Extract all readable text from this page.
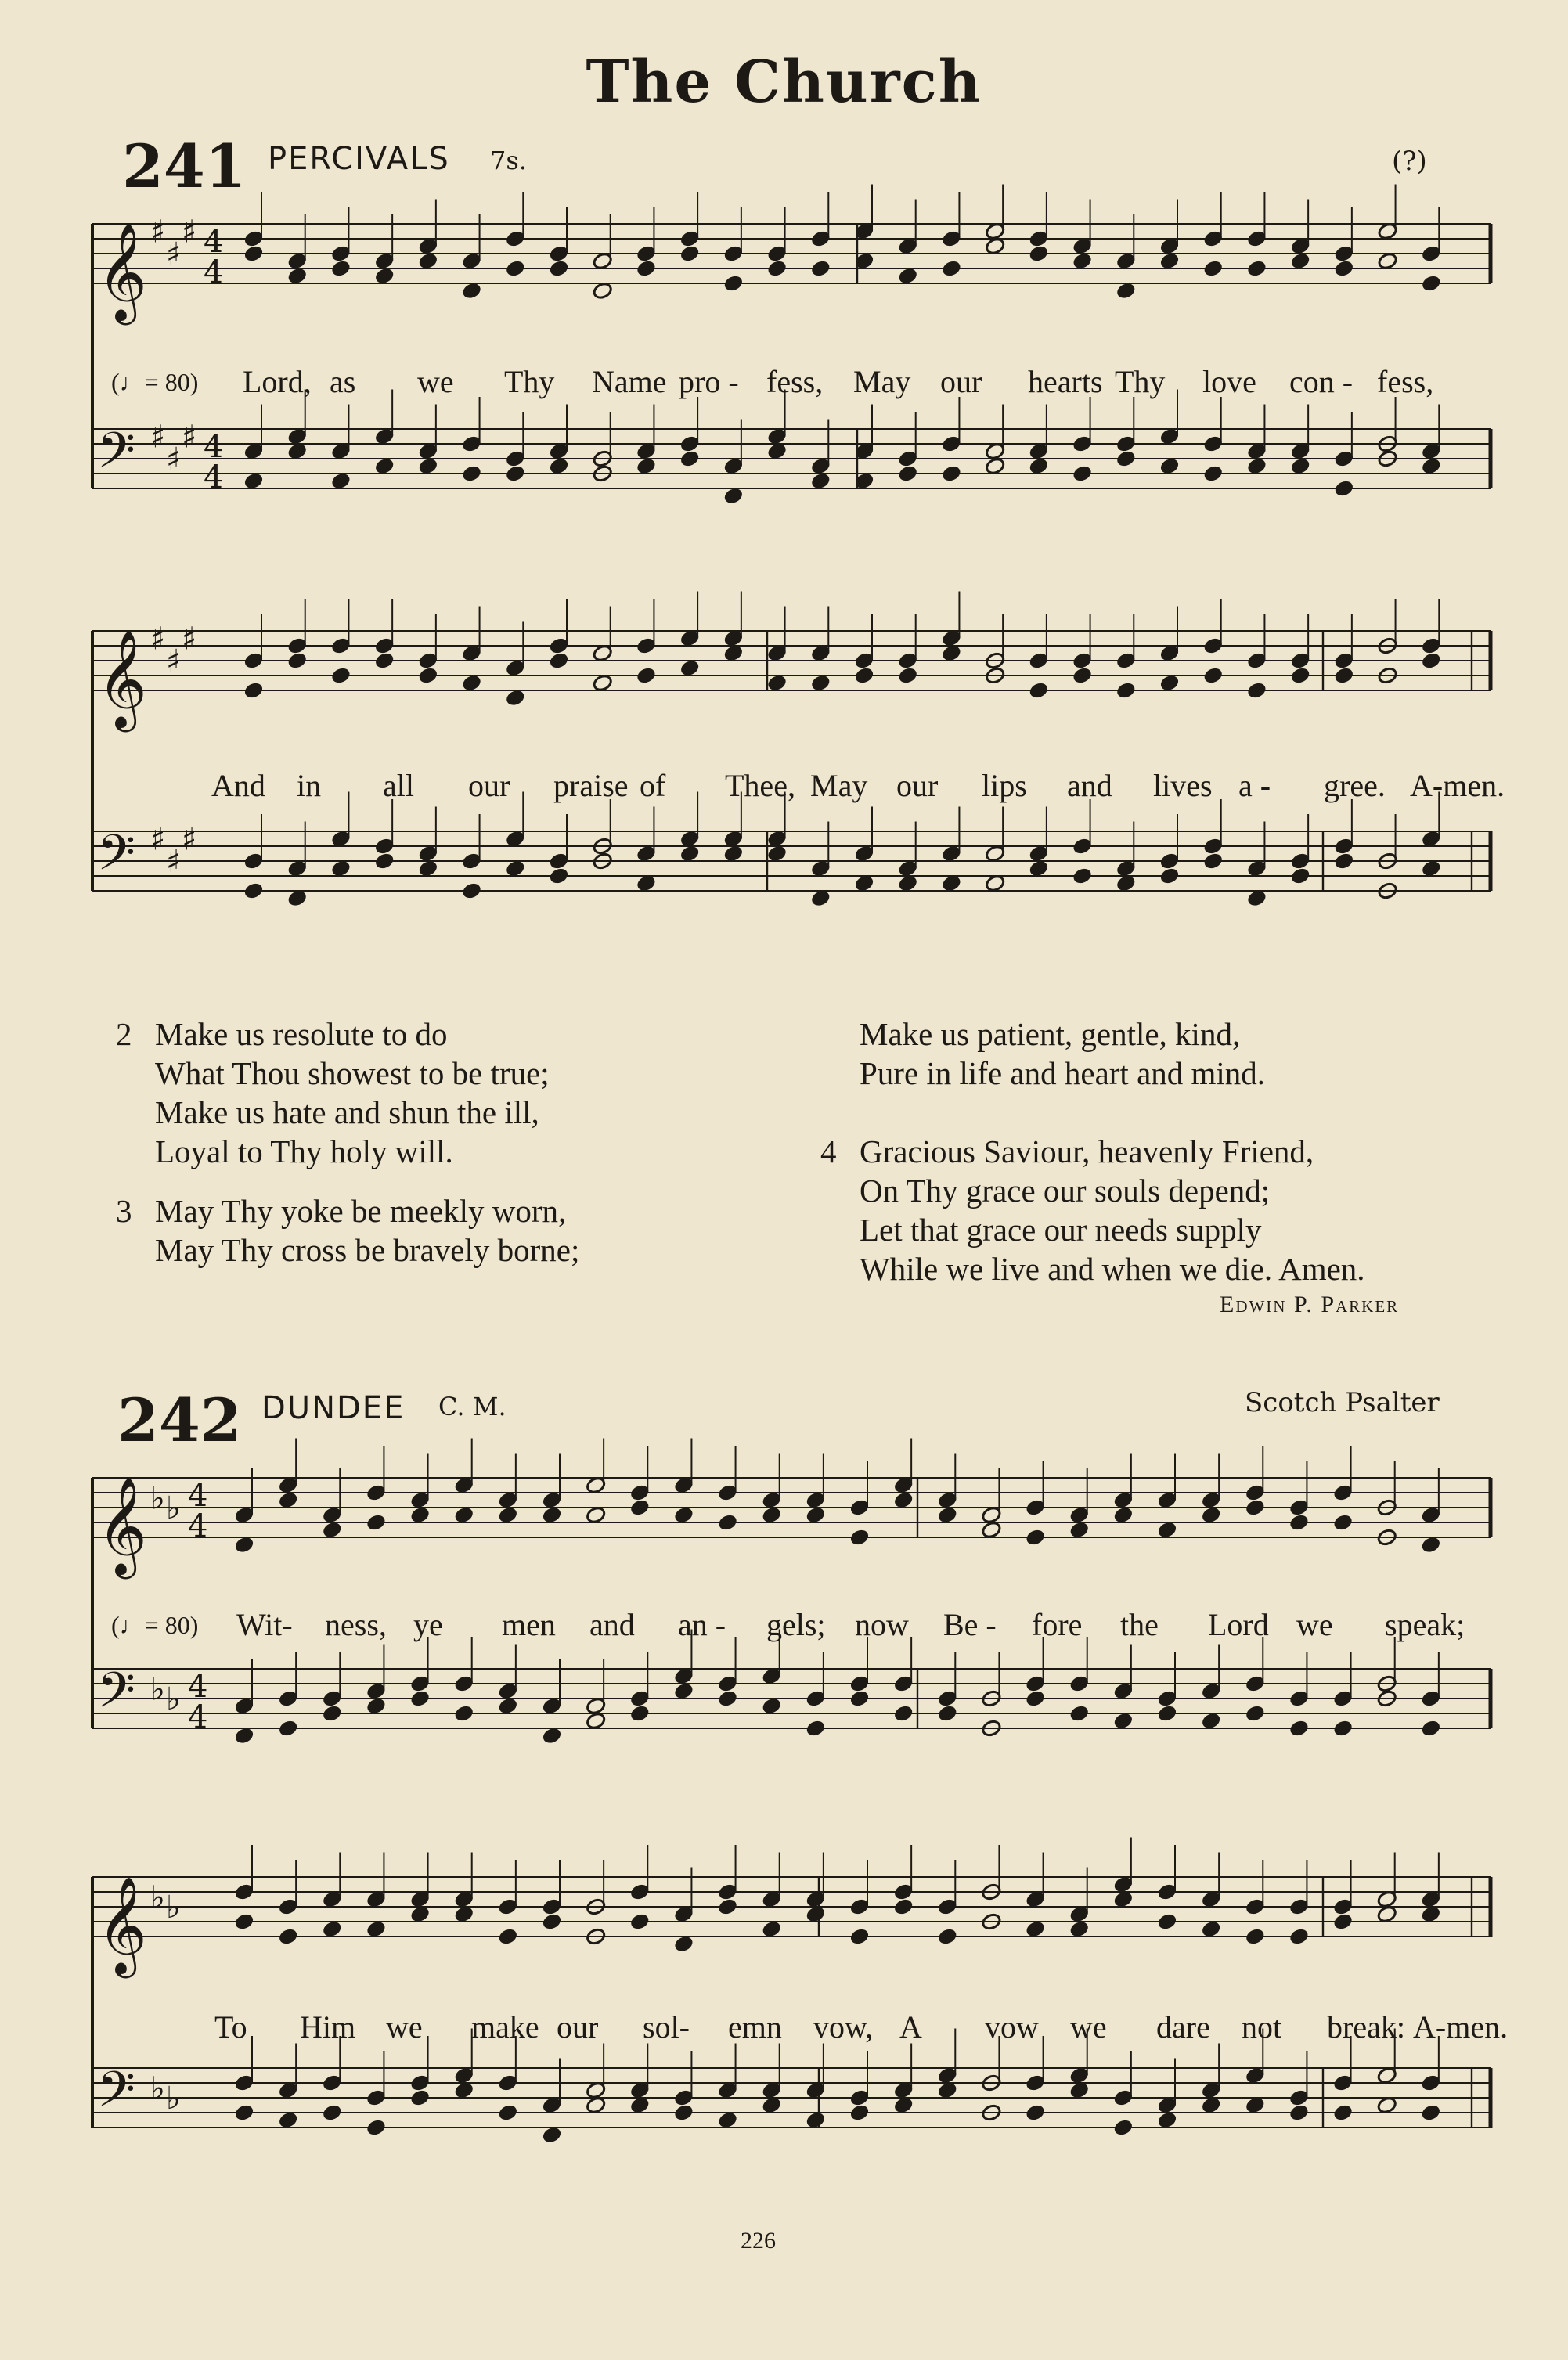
The Church
241 PERCIVALS 7s.	(?)
𝄞 ♯
♯
♯ 4
4
𝄢 ♯
♯
♯ 4
4
𝄞 ♯
♯
♯
𝄢 ♯
♯
♯
𝄞 ♭ ♭ 4
4
𝄢 ♭ ♭ 4
4
𝄞 ♭ ♭
𝄢 ♭ ♭
(♩= 80) Lord, as we Thy Name pro - fess, May our hearts Thy love con - fess,
And in all our praise of Thee, May our lips and lives a - gree. A-men.
2 Make us resolute to do
What Thou showest to be true;
Make us hate and shun the ill,
Loyal to Thy holy will.
3 May Thy yoke be meekly worn,
May Thy cross be bravely borne;
Make us patient, gentle, kind,
Pure in life and heart and mind.
4 Gracious Saviour, heavenly Friend,
On Thy grace our souls depend;
Let that grace our needs supply
While we live and when we die. Amen.
Edwin P. Parker
242 DUNDEE C. M.	Scotch Psalter
(♩= 80) Wit- ness, ye men and an - gels; now Be - fore the Lord we speak;
To Him we make our sol- emn vow, A vow we dare not break: A-men.
226
